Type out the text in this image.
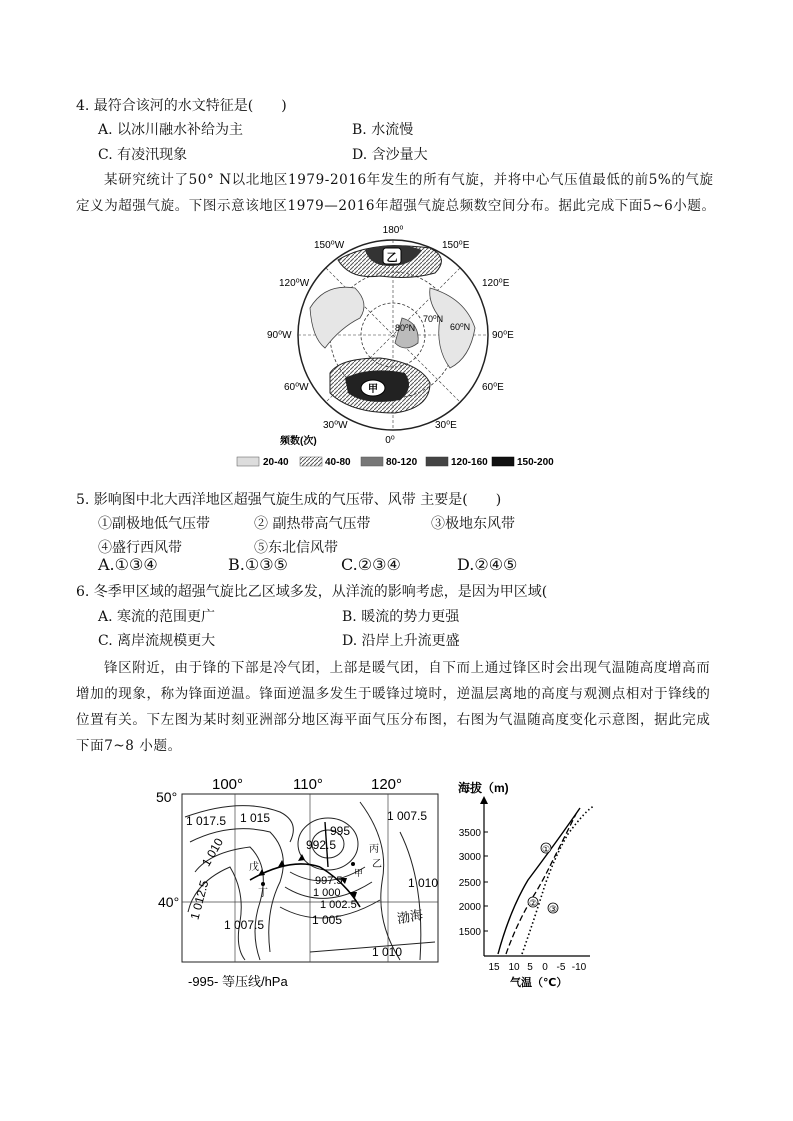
4. 最符合该河的水文特征是(　　)
A. 以冰川融水补给为主	B. 水流慢
C. 有凌汛现象	D. 含沙量大
某研究统计了50° N以北地区1979-2016年发生的所有气旋，并将中心气压值最低的前5%的气旋定义为超强气旋。下图示意该地区1979—2016年超强气旋总频数空间分布。据此完成下面5~6小题。
乙
甲
180⁰
150⁰W	150⁰E
120⁰W	120⁰E
90⁰W	90⁰E
60⁰W	60⁰E
30⁰W	30⁰E
0⁰
70⁰N
80⁰N	60⁰N
频数(次)
20-40	40-80	80-120	120-160	150-200
5. 影响图中北大西洋地区超强气旋生成的气压带、风带 主要是(　　)
①副极地低气压带	② 副热带高气压带	③极地东风带
④盛行西风带	⑤东北信风带
A.①③④	B.①③⑤	C.②③④	D.②④⑤
6. 冬季甲区域的超强气旋比乙区域多发，从洋流的影响考虑，是因为甲区域(
A. 寒流的范围更广	B. 暖流的势力更强
C. 离岸流规模更大	D. 沿岸上升流更盛
锋区附近，由于锋的下部是冷气团，上部是暖气团，自下而上通过锋区时会出现气温随高度增高而增加的现象，称为锋面逆温。锋面逆温多发生于暖锋过境时，逆温层离地的高度与观测点相对于锋线的位置有关。下左图为某时刻亚洲部分地区海平面气压分布图，右图为气温随高度变化示意图，据此完成下面7~8 小题。
100°	110°	120°
50°
40°
1 017.5 1 015
995
992.5
1 007.5
1 010
997.5
1 000
1 002.5
1 010
1 012.5
1 007.5	1 005
1 010
丙
乙
甲
戊
丁
渤海
-995- 等压线/hPa
海拔（m)
3500
3000
2500
2000
1500
15 10 5 0 -5 -10
气温（℃）
①
②
③
